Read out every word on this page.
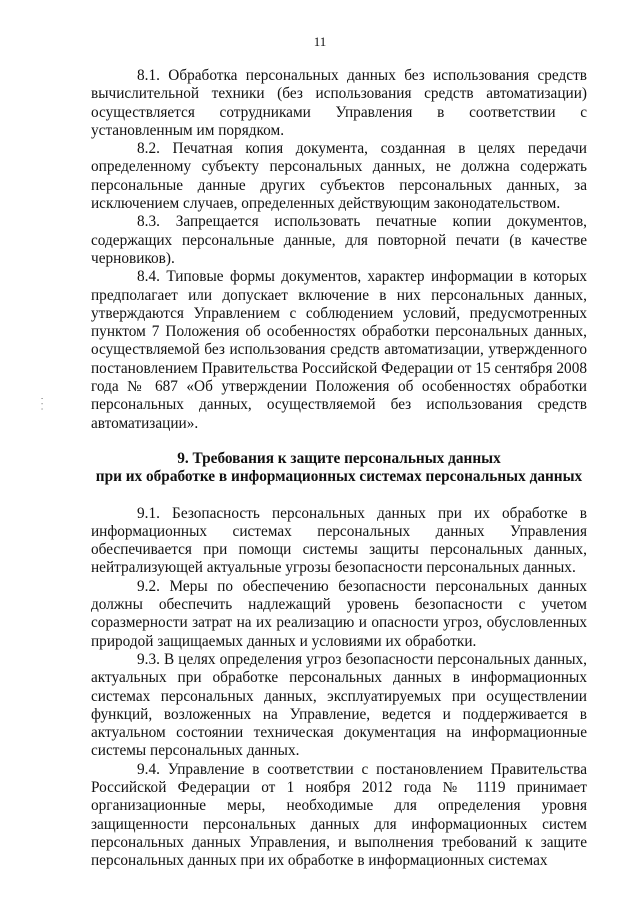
11
· · ·

8.1. Обработка персональных данных без использования средств вычислительной техники (без использования средств автоматизации) осуществляется сотрудниками Управления в соответствии с установленным им порядком.

8.2. Печатная копия документа, созданная в целях передачи определенному субъекту персональных данных, не должна содержать персональные данные других субъектов персональных данных, за исключением случаев, определенных действующим законодательством.

8.3. Запрещается использовать печатные копии документов, содержащих персональные данные, для повторной печати (в качестве черновиков).

8.4. Типовые формы документов, характер информации в которых предполагает или допускает включение в них персональных данных, утверждаются Управлением с соблюдением условий, предусмотренных пунктом 7 Положения об особенностях обработки персональных данных, осуществляемой без использования средств автоматизации, утвержденного постановлением Правительства Российской Федерации от 15 сентября 2008 года № 687 «Об утверждении Положения об особенностях обработки персональных данных, осуществляемой без использования средств автоматизации».

9. Требования к защите персональных данных
при их обработке в информационных системах персональных данных

9.1. Безопасность персональных данных при их обработке в информационных системах персональных данных Управления обеспечивается при помощи системы защиты персональных данных, нейтрализующей актуальные угрозы безопасности персональных данных.

9.2. Меры по обеспечению безопасности персональных данных должны обеспечить надлежащий уровень безопасности с учетом соразмерности затрат на их реализацию и опасности угроз, обусловленных природой защищаемых данных и условиями их обработки.

9.3. В целях определения угроз безопасности персональных данных, актуальных при обработке персональных данных в информационных системах персональных данных, эксплуатируемых при осуществлении функций, возложенных на Управление, ведется и поддерживается в актуальном состоянии техническая документация на информационные системы персональных данных.

9.4. Управление в соответствии с постановлением Правительства Российской Федерации от 1 ноября 2012 года № 1119 принимает организационные меры, необходимые для определения уровня защищенности персональных данных для информационных систем персональных данных Управления, и выполнения требований к защите персональных данных при их обработке в информационных системах
